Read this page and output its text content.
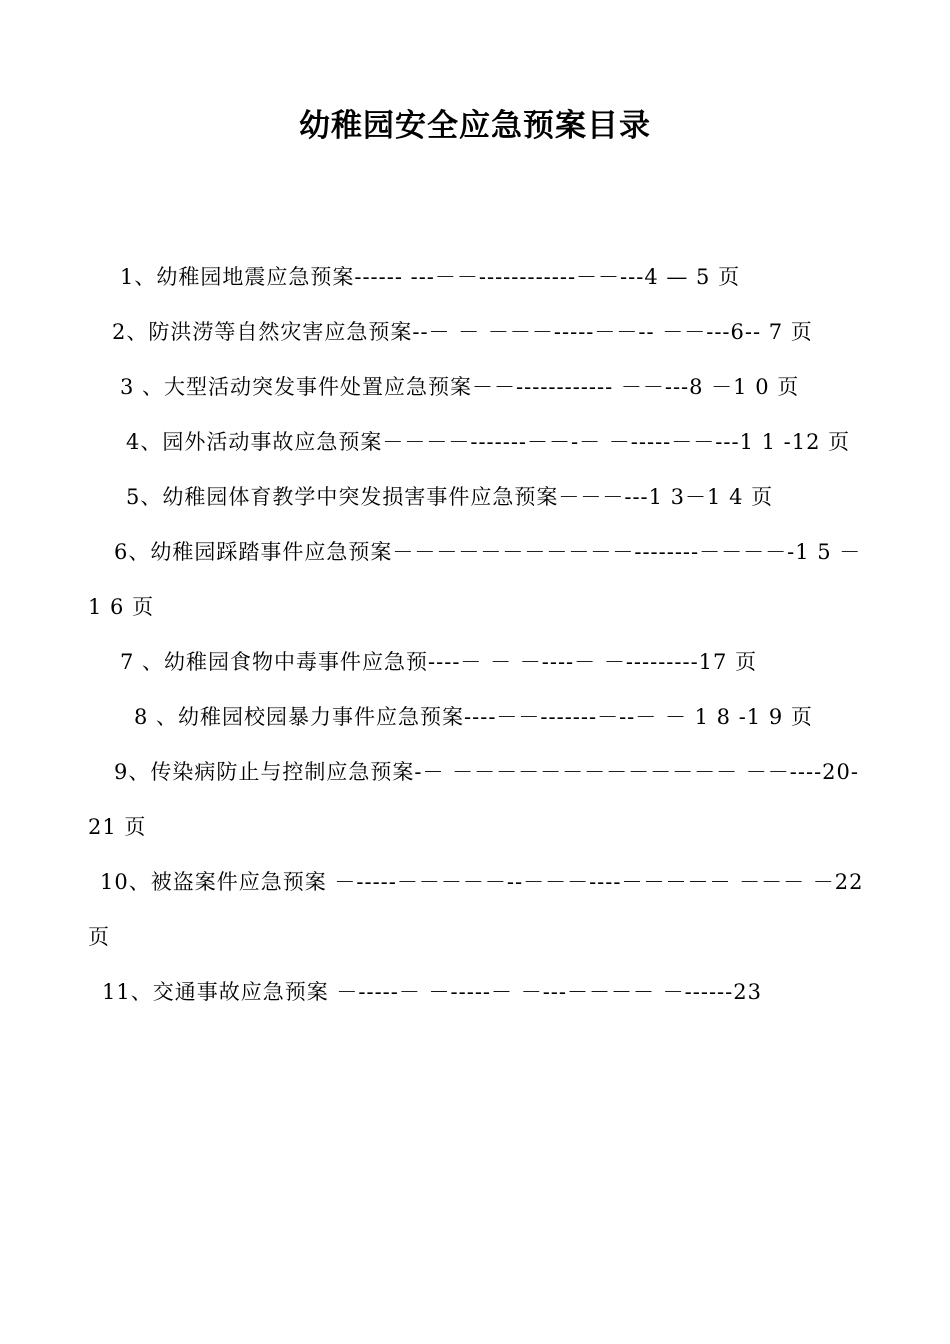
幼稚园安全应急预案目录
1、幼稚园地震应急预案------ ---－－------------－－---4 — 5 页
2、防洪涝等自然灾害应急预案--－ － －－－-----－－-- －－---6-- 7 页
3 、大型活动突发事件处置应急预案－－------------ －－---8 －1 0 页
4、园外活动事故应急预案－－－－-------－－-－ －-----－－---1 1 -12 页
5、幼稚园体育教学中突发损害事件应急预案－－－---1 3－1 4 页
6、幼稚园踩踏事件应急预案－－－－－－－－－－－--------－－－－-1 5 －1 6 页
7 、幼稚园食物中毒事件应急预----－ － －----－ －---------17 页
8 、幼稚园校园暴力事件应急预案----－－-------－--－ － 1 8 -1 9 页
9、传染病防止与控制应急预案-－ －－－－－－－－－－－－－ －－----20-21 页
10、被盗案件应急预案 －-----－－－－－--－－－----－－－－－ －－－ －22 页
11、交通事故应急预案 －-----－ －-----－ －---－－－－ －------23
